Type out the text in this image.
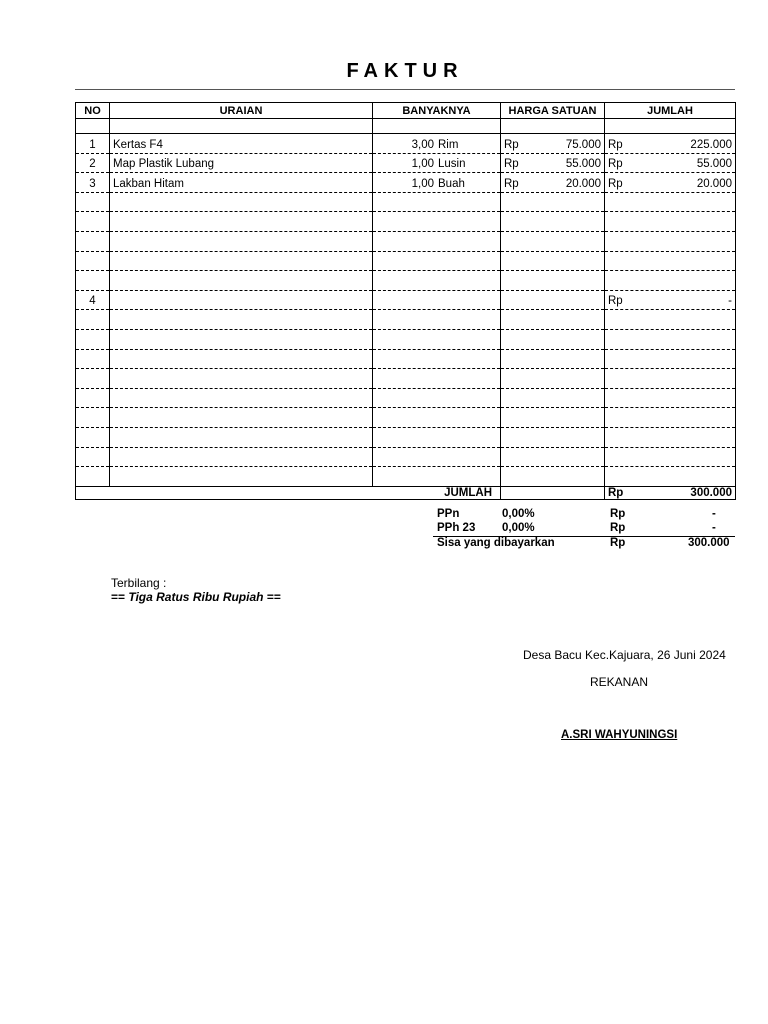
FAKTUR
NO	URAIAN	BANYAKNYA	HARGA SATUAN	JUMLAH

1	Kertas F4	3,00 Rim	Rp 75.000	Rp 225.000

2	Map Plastik Lubang	1,00 Lusin	Rp 55.000	Rp 55.000

3	Lakban Hitam	1,00 Buah	Rp 20.000	Rp 20.000

4				Rp -

JUMLAH				Rp 300.000
PPn	0,00%	Rp	-
PPh 23 0,00%	Rp	-
Sisa yang dibayarkan	Rp	300.000
Terbilang :
== Tiga Ratus Ribu Rupiah ==
Desa Bacu Kec.Kajuara, 26 Juni 2024
REKANAN
A.SRI WAHYUNINGSI
